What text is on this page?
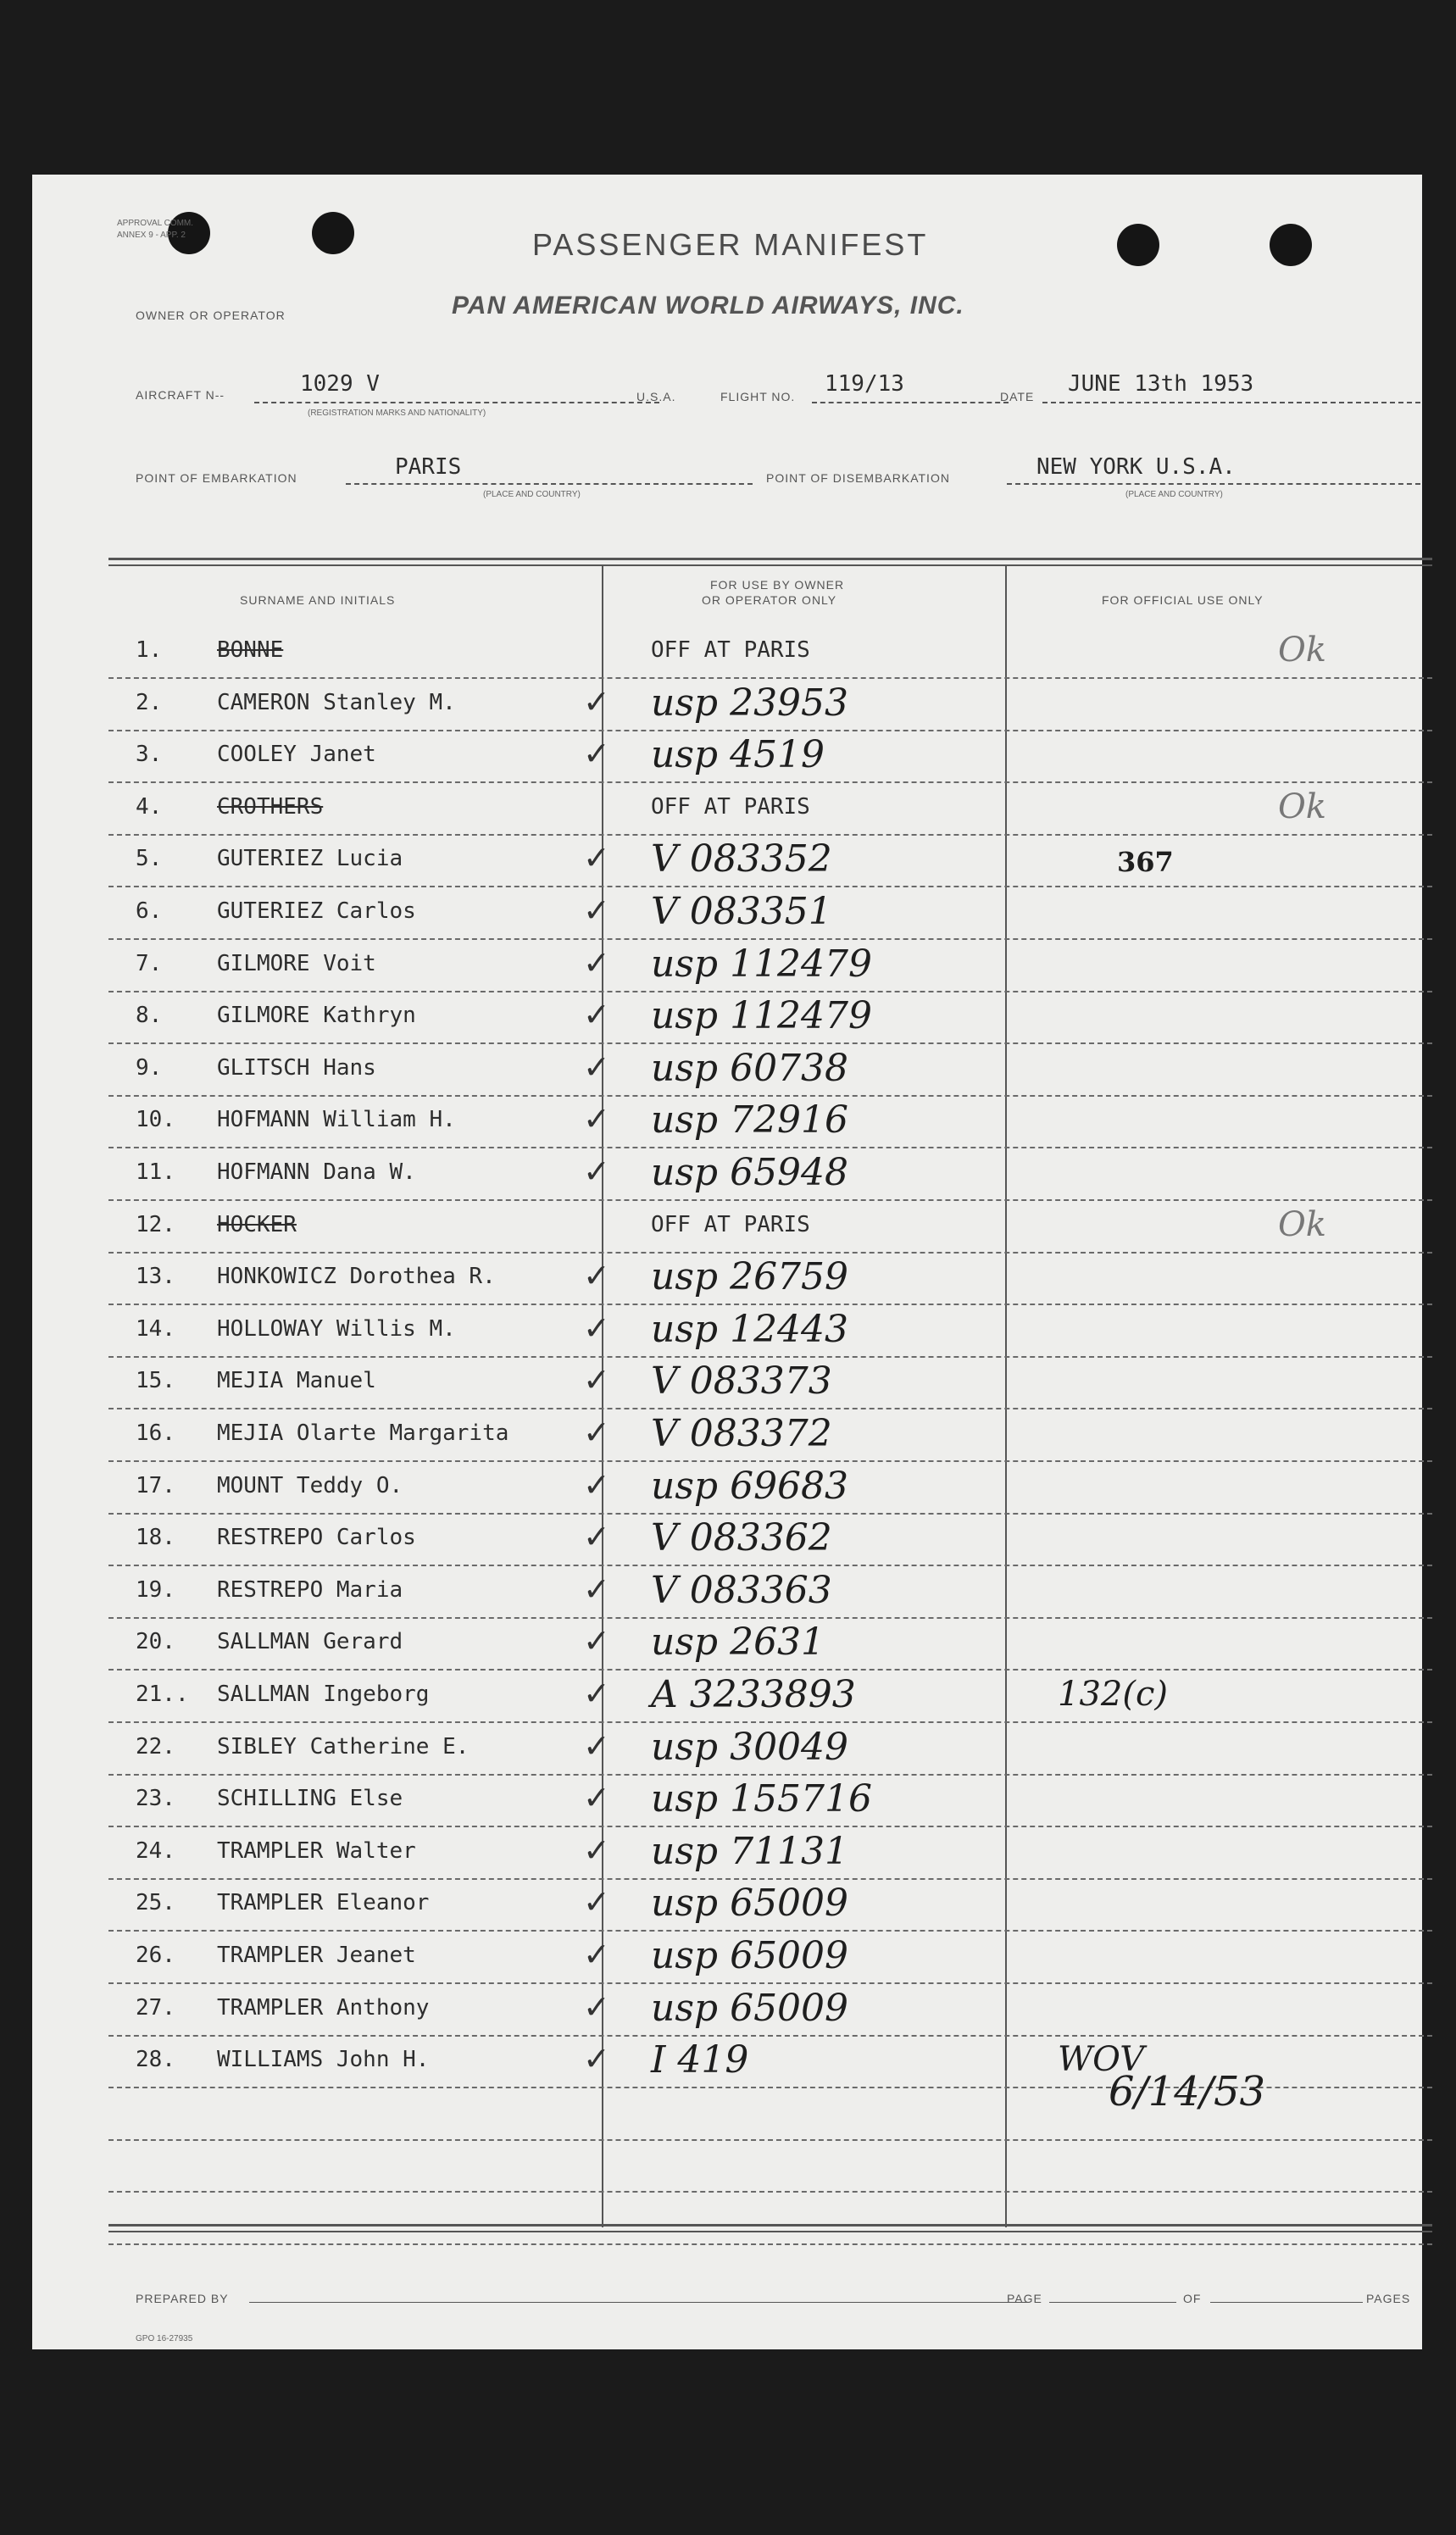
APPROVAL COMM.
ANNEX 9 - APP. 2	PASSENGER MANIFEST
OWNER OR OPERATOR	PAN AMERICAN WORLD AIRWAYS, INC.
AIRCRAFT N--	1029 V
(REGISTRATION MARKS AND NATIONALITY)
U.S.A.	FLIGHT NO. 119/13	DATE JUNE 13th 1953
POINT OF EMBARKATION	PARIS
(PLACE AND COUNTRY)
POINT OF DISEMBARKATION	NEW YORK U.S.A.
(PLACE AND COUNTRY)
SURNAME AND INITIALS
FOR USE BY OWNER
OR OPERATOR ONLY	FOR OFFICIAL USE ONLY
1. BONNE	OFF AT PARIS	Ok
2. CAMERON Stanley M.	✓ usp 23953
3. COOLEY Janet	✓ usp 4519
4. CROTHERS	OFF AT PARIS	Ok
5. GUTERIEZ Lucia	✓ V 083352	367
6. GUTERIEZ Carlos	✓ V 083351
7. GILMORE Voit	✓ usp 112479
8. GILMORE Kathryn	✓ usp 112479
9. GLITSCH Hans	✓ usp 60738
10. HOFMANN William H.	✓ usp 72916
11. HOFMANN Dana W.	✓ usp 65948
12. HOCKER	OFF AT PARIS	Ok
13. HONKOWICZ Dorothea R.	✓ usp 26759
14. HOLLOWAY Willis M.	✓ usp 12443
15. MEJIA Manuel	✓ V 083373
16. MEJIA Olarte Margarita ✓ V 083372
17. MOUNT Teddy O.	✓ usp 69683
18. RESTREPO Carlos	✓ V 083362
19. RESTREPO Maria	✓ V 083363
20. SALLMAN Gerard	✓ usp 2631
21.. SALLMAN Ingeborg	✓ A 3233893	132(c)
22. SIBLEY Catherine E.	✓ usp 30049
23. SCHILLING Else	✓ usp 155716
24. TRAMPLER Walter	✓ usp 71131
25. TRAMPLER Eleanor	✓ usp 65009
26. TRAMPLER Jeanet	✓ usp 65009
27. TRAMPLER Anthony	✓ usp 65009
28. WILLIAMS John H.	✓ I 419	WOV
6/14/53
PREPARED BY	PAGE	OF	PAGES
GPO 16-27935
